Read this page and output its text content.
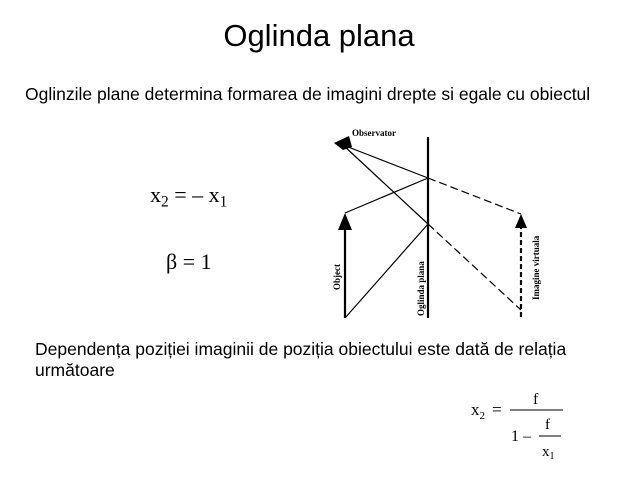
Oglinda plana
Oglinzile plane determina formarea de imagini drepte si egale cu obiectul
$x_2$ = – $x_1$
β = 1
Dependența poziției imaginii de poziția obiectului este dată de relația următoare
Observator
Object	Oglinda plana	Imagine virtuala
$x_2$ =
f
1 –
f
$x_1$
